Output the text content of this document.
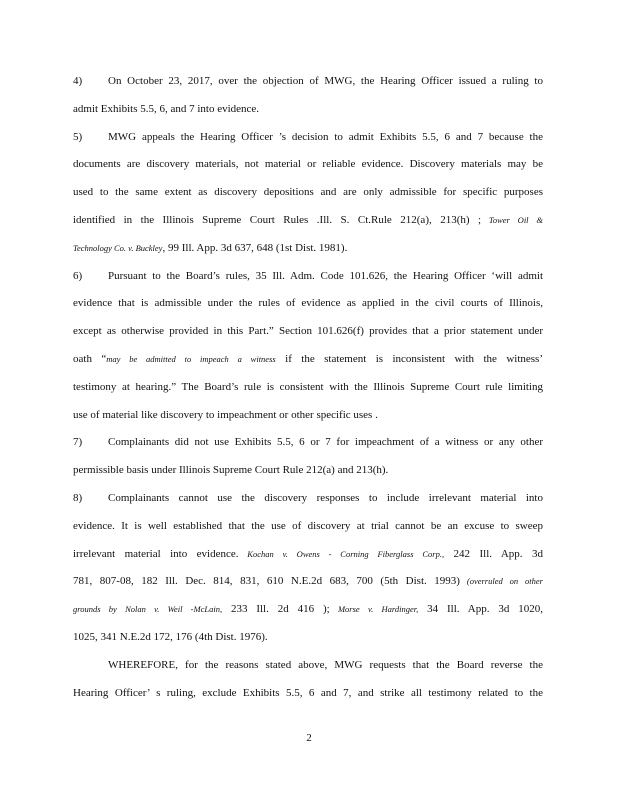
4) On October 23, 2017, over the objection of MWG, the Hearing Officer issued a ruling to
admit Exhibits 5.5, 6, and 7 into evidence.
5) MWG appeals the Hearing Officer ’s decision to admit Exhibits 5.5, 6 and 7 because the
documents are discovery materials, not material or reliable evidence. Discovery materials may be
used to the same extent as discovery depositions and are only admissible for specific purposes
identified in the Illinois Supreme Court Rules .Ill. S. Ct.Rule 212(a), 213(h) ; Tower Oil &
Technology Co. v. Buckley, 99 Ill. App. 3d 637, 648 (1st Dist. 1981).
6) Pursuant to the Board’s rules, 35 Ill. Adm. Code 101.626, the Hearing Officer ‘will admit
evidence that is admissible under the rules of evidence as applied in the civil courts of Illinois,
except as otherwise provided in this Part.” Section 101.626(f) provides that a prior statement under
oath “may be admitted to impeach a witness if the statement is inconsistent with the witness’
testimony at hearing.” The Board’s rule is consistent with the Illinois Supreme Court rule limiting
use of material like discovery to impeachment or other specific uses .
7) Complainants did not use Exhibits 5.5, 6 or 7 for impeachment of a witness or any other
permissible basis under Illinois Supreme Court Rule 212(a) and 213(h).
8) Complainants cannot use the discovery responses to include irrelevant material into
evidence. It is well established that the use of discovery at trial cannot be an excuse to sweep
irrelevant material into evidence. Kochan v. Owens - Corning Fiberglass Corp., 242 Ill. App. 3d
781, 807-08, 182 Ill. Dec. 814, 831, 610 N.E.2d 683, 700 (5th Dist. 1993) (overruled on other
grounds by Nolan v. Weil -McLain, 233 Ill. 2d 416 ); Morse v. Hardinger, 34 Ill. App. 3d 1020,
1025, 341 N.E.2d 172, 176 (4th Dist. 1976).
WHEREFORE, for the reasons stated above, MWG requests that the Board reverse the
Hearing Officer’ s ruling, exclude Exhibits 5.5, 6 and 7, and strike all testimony related to the
2
